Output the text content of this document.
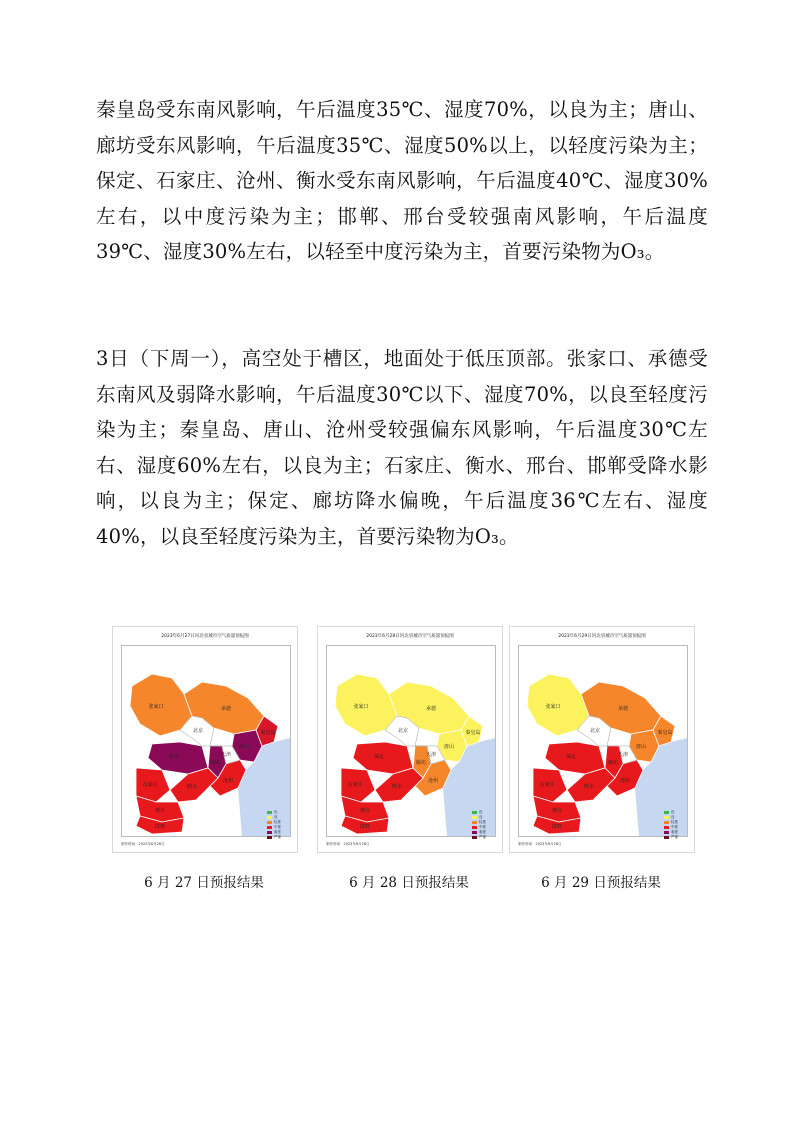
秦皇岛受东南风影响，午后温度35℃、湿度70%，以良为主；唐山、廊坊受东风影响，午后温度35℃、湿度50%以上，以轻度污染为主；保定、石家庄、沧州、衡水受东南风影响，午后温度40℃、湿度30%左右，以中度污染为主；邯郸、邢台受较强南风影响，午后温度39℃、湿度30%左右，以轻至中度污染为主，首要污染物为O₃。

3日（下周一），高空处于槽区，地面处于低压顶部。张家口、承德受东南风及弱降水影响，午后温度30℃以下、湿度70%，以良至轻度污染为主；秦皇岛、唐山、沧州受较强偏东风影响，午后温度30℃左右、湿度60%左右，以良为主；石家庄、衡水、邢台、邯郸受降水影响，以良为主；保定、廊坊降水偏晚，午后温度36℃左右、湿度40%，以良至轻度污染为主，首要污染物为O₃。

2023年6月27日河北省城市空气质量预报图
张家口	承德
北京
天津
唐山
秦皇岛
保定
廊坊
石家庄	衡水
沧州
邢台
邯郸
优
良
轻度
中度
重度
严重
制作时间：2023年6月26日
2023年6月28日河北省城市空气质量预报图
张家口	承德
北京
天津
唐山
秦皇岛
保定
廊坊
石家庄	衡水
沧州
邢台
邯郸
优
良
轻度
中度
重度
严重
制作时间：2023年6月26日
2023年6月29日河北省城市空气质量预报图
张家口	承德
北京
天津
唐山
秦皇岛
保定
廊坊
石家庄	衡水
沧州
邢台
邯郸
优
良
轻度
中度
重度
严重
制作时间：2023年6月26日
6 月 27 日预报结果	6 月 28 日预报结果	6 月 29 日预报结果
